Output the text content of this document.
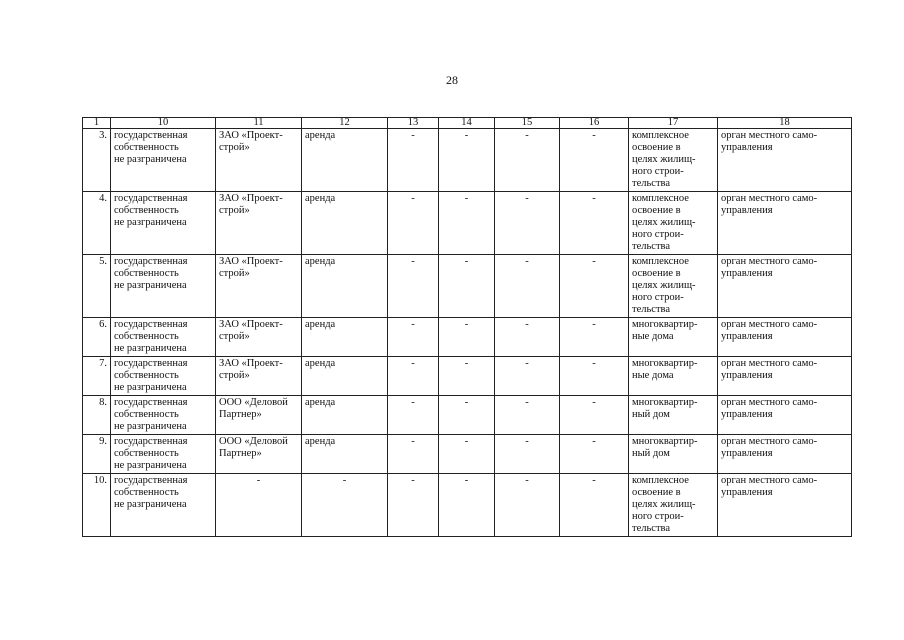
28
1	10	11	12	13	14	15	16	17	18
3.	государственная
собственность
не разграничена	ЗАО «Проект-
строй»	аренда	-	-	-	-	комплексное
освоение в
целях жилищ-
ного строи-
тельства	орган местного само-
управления
4.	государственная
собственность
не разграничена	ЗАО «Проект-
строй»	аренда	-	-	-	-	комплексное
освоение в
целях жилищ-
ного строи-
тельства	орган местного само-
управления
5.	государственная
собственность
не разграничена	ЗАО «Проект-
строй»	аренда	-	-	-	-	комплексное
освоение в
целях жилищ-
ного строи-
тельства	орган местного само-
управления
6.	государственная
собственность
не разграничена	ЗАО «Проект-
строй»	аренда	-	-	-	-	многоквартир-
ные дома	орган местного само-
управления
7.	государственная
собственность
не разграничена	ЗАО «Проект-
строй»	аренда	-	-	-	-	многоквартир-
ные дома	орган местного само-
управления
8.	государственная
собственность
не разграничена	ООО «Деловой
Партнер»	аренда	-	-	-	-	многоквартир-
ный дом	орган местного само-
управления
9.	государственная
собственность
не разграничена	ООО «Деловой
Партнер»	аренда	-	-	-	-	многоквартир-
ный дом	орган местного само-
управления
10.	государственная
собственность
не разграничена	-	-	-	-	-	-	комплексное
освоение в
целях жилищ-
ного строи-
тельства	орган местного само-
управления
